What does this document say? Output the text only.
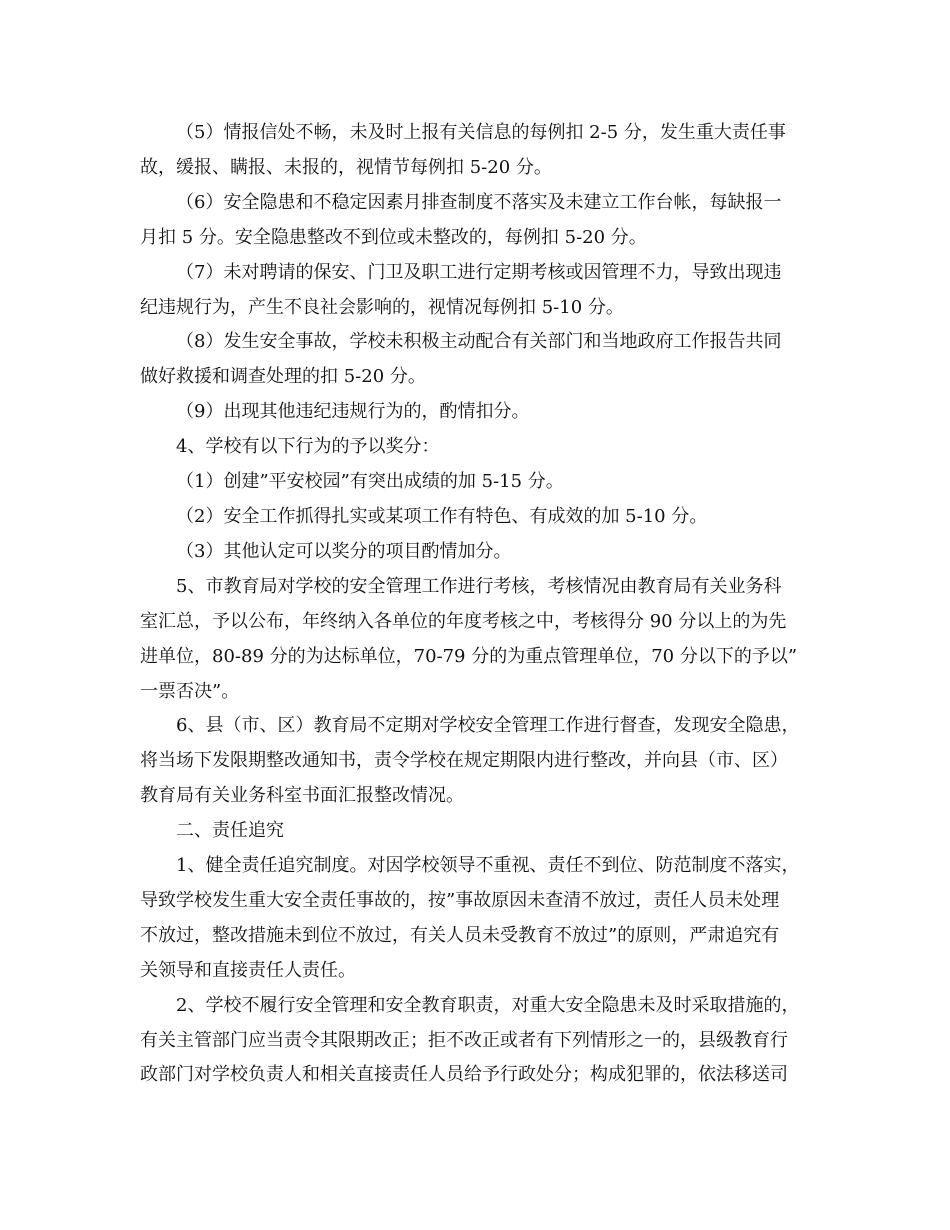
（5）情报信处不畅，未及时上报有关信息的每例扣 2-5 分，发生重大责任事
故，缓报、瞒报、未报的，视情节每例扣 5-20 分。
（6）安全隐患和不稳定因素月排查制度不落实及未建立工作台帐，每缺报一
月扣 5 分。安全隐患整改不到位或未整改的，每例扣 5-20 分。
（7）未对聘请的保安、门卫及职工进行定期考核或因管理不力，导致出现违
纪违规行为，产生不良社会影响的，视情况每例扣 5-10 分。
（8）发生安全事故，学校未积极主动配合有关部门和当地政府工作报告共同
做好救援和调查处理的扣 5-20 分。
（9）出现其他违纪违规行为的，酌情扣分。
4、学校有以下行为的予以奖分：
（1）创建”平安校园”有突出成绩的加 5-15 分。
（2）安全工作抓得扎实或某项工作有特色、有成效的加 5-10 分。
（3）其他认定可以奖分的项目酌情加分。
5、市教育局对学校的安全管理工作进行考核，考核情况由教育局有关业务科
室汇总，予以公布，年终纳入各单位的年度考核之中，考核得分 90 分以上的为先
进单位，80-89 分的为达标单位，70-79 分的为重点管理单位，70 分以下的予以”
一票否决”。
6、县（市、区）教育局不定期对学校安全管理工作进行督查，发现安全隐患，
将当场下发限期整改通知书，责令学校在规定期限内进行整改，并向县（市、区）
教育局有关业务科室书面汇报整改情况。
二、责任追究
1、健全责任追究制度。对因学校领导不重视、责任不到位、防范制度不落实，
导致学校发生重大安全责任事故的，按”事故原因未查清不放过，责任人员未处理
不放过，整改措施未到位不放过，有关人员未受教育不放过”的原则，严肃追究有
关领导和直接责任人责任。
2、学校不履行安全管理和安全教育职责，对重大安全隐患未及时采取措施的，
有关主管部门应当责令其限期改正；拒不改正或者有下列情形之一的，县级教育行
政部门对学校负责人和相关直接责任人员给予行政处分；构成犯罪的，依法移送司
